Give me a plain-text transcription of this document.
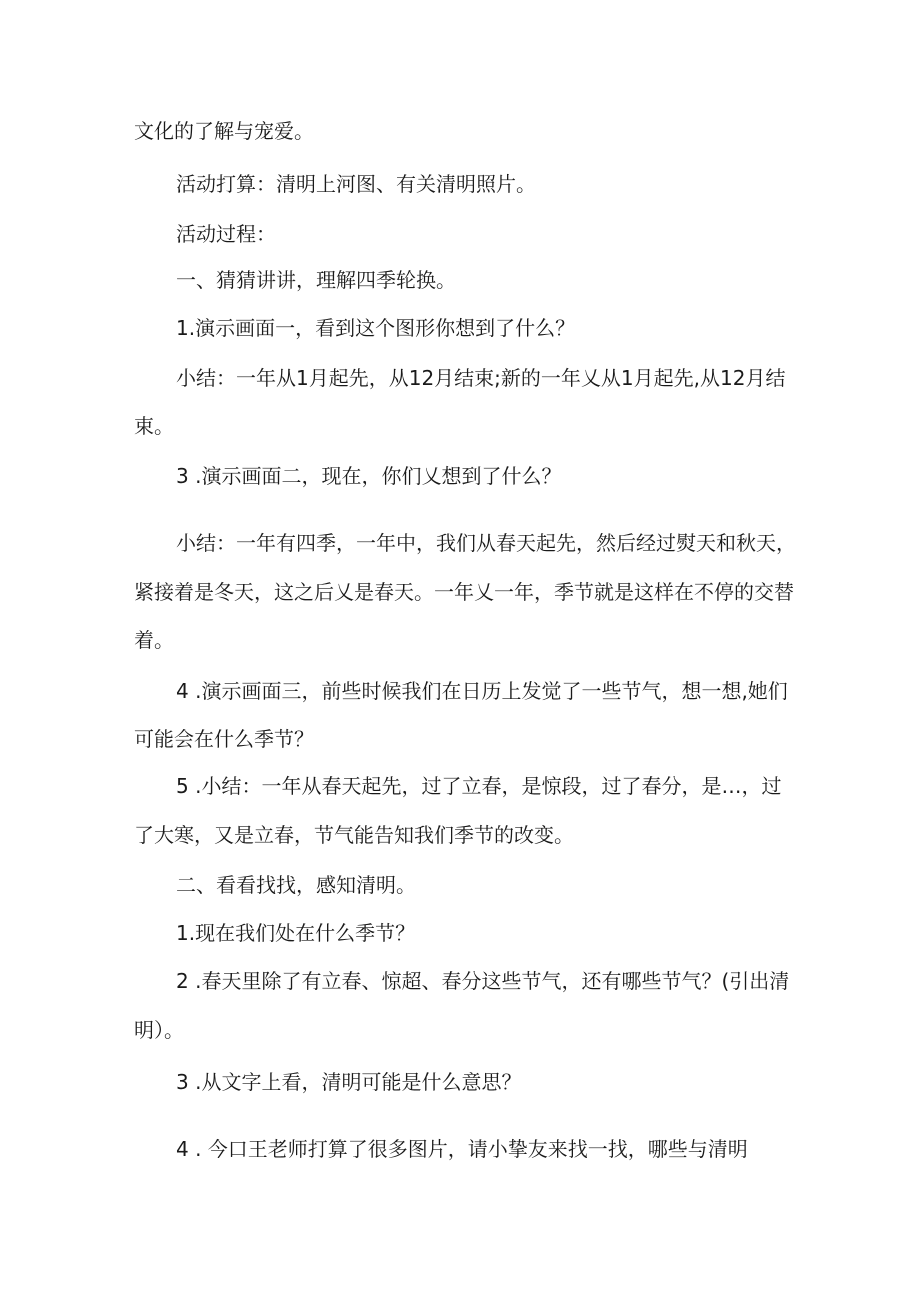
文化的了解与宠爱。
活动打算：清明上河图、有关清明照片。
活动过程：
一、猜猜讲讲，理解四季轮换。
1.演示画面一，看到这个图形你想到了什么？
小结：一年从1月起先，从12月结束;新的一年乂从1月起先,从12月结
束。
3 .演示画面二，现在，你们乂想到了什么？
小结：一年有四季，一年中，我们从春天起先，然后经过熨天和秋天，
紧接着是冬天，这之后乂是春天。一年乂一年，季节就是这样在不停的交替
着。
4 .演示画面三，前些时候我们在日历上发觉了一些节气，想一想,她们
可能会在什么季节？
5 .小结：一年从春天起先，过了立春，是惊段，过了春分，是…，过
了大寒，又是立春，节气能告知我们季节的改变。
二、看看找找，感知清明。
1.现在我们处在什么季节？
2 .春天里除了有立春、惊超、春分这些节气，还有哪些节气？(引出清
明）。
3 .从文字上看，清明可能是什么意思？
4 . 今口王老师打算了很多图片，请小挚友来找一找，哪些与清明
